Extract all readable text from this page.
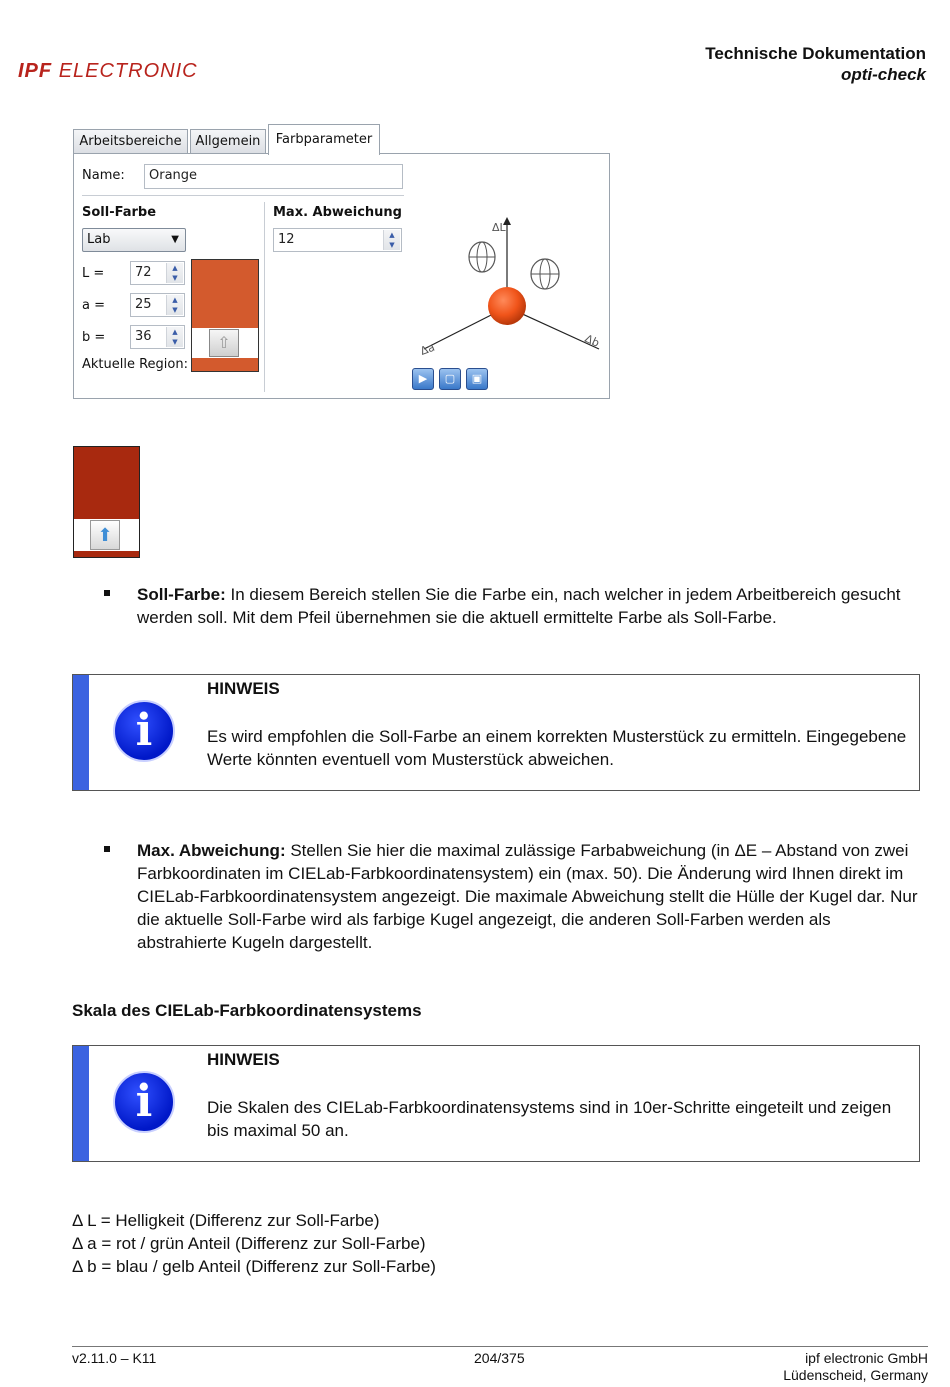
IPF ELECTRONIC
Technische Dokumentation
opti-check
Arbeitsbereiche	Allgemein	Farbparameter
Name:	Orange
Soll-Farbe
Lab	▼
L =	72	▲
▼
a =	25	▲
▼
b =	36	▲
▼
Aktuelle Region:
⇧
Max. Abweichung
12	▲
▼
ΔL
Δa	Δb
▶	▢	▣
⬆
Soll-Farbe: In diesem Bereich stellen Sie die Farbe ein, nach welcher in jedem Arbeitbereich gesucht werden soll. Mit dem Pfeil übernehmen sie die aktuell ermittelte Farbe als Soll-Farbe.
i
HINWEIS
Es wird empfohlen die Soll-Farbe an einem korrekten Musterstück zu ermitteln. Eingegebene Werte könnten eventuell vom Musterstück abweichen.
Max. Abweichung: Stellen Sie hier die maximal zulässige Farbabweichung (in ΔE – Abstand von zwei Farbkoordinaten im CIELab-Farbkoordinatensystem) ein (max. 50). Die Änderung wird Ihnen direkt im CIELab-Farbkoordinatensystem angezeigt. Die maximale Abweichung stellt die Hülle der Kugel dar. Nur die aktuelle Soll-Farbe wird als farbige Kugel angezeigt, die anderen Soll-Farben werden als abstrahierte Kugeln dargestellt.
Skala des CIELab-Farbkoordinatensystems
i
HINWEIS
Die Skalen des CIELab-Farbkoordinatensystems sind in 10er-Schritte eingeteilt und zeigen bis maximal 50 an.
Δ L = Helligkeit (Differenz zur Soll-Farbe)
Δ a = rot / grün Anteil (Differenz zur Soll-Farbe)
Δ b = blau / gelb Anteil (Differenz zur Soll-Farbe)
v2.11.0 – K11	204/375	ipf electronic GmbH
Lüdenscheid, Germany
